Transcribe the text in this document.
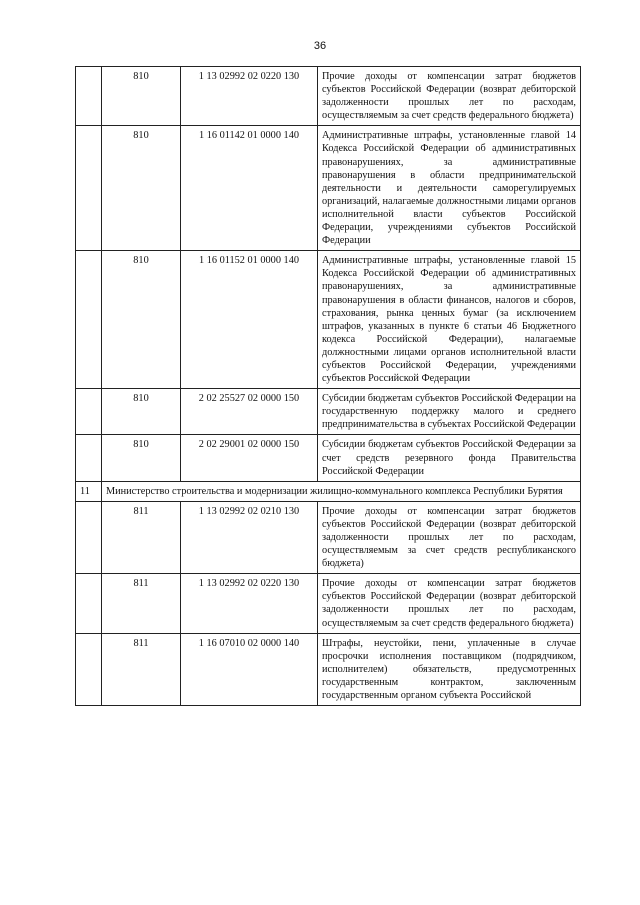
36
	810	1 13 02992 02 0220 130	Прочие доходы от компенсации затрат бюджетов субъектов Российской Федерации (возврат дебиторской задолженности прошлых лет по расходам, осуществляемым за счет средств федерального бюджета)
	810	1 16 01142 01 0000 140	Административные штрафы, установленные главой 14 Кодекса Российской Федерации об административных правонарушениях, за административные правонарушения в области предпринимательской деятельности и деятельности саморегулируемых организаций, налагаемые должностными лицами органов исполнительной власти субъектов Российской Федерации, учреждениями субъектов Российской Федерации
	810	1 16 01152 01 0000 140	Административные штрафы, установленные главой 15 Кодекса Российской Федерации об административных правонарушениях, за административные правонарушения в области финансов, налогов и сборов, страхования, рынка ценных бумаг (за исключением штрафов, указанных в пункте 6 статьи 46 Бюджетного кодекса Российской Федерации), налагаемые должностными лицами органов исполнительной власти субъектов Российской Федерации, учреждениями субъектов Российской Федерации
	810	2 02 25527 02 0000 150	Субсидии бюджетам субъектов Российской Федерации на государственную поддержку малого и среднего предпринимательства в субъектах Российской Федерации
	810	2 02 29001 02 0000 150	Субсидии бюджетам субъектов Российской Федерации за счет средств резервного фонда Правительства Российской Федерации
11	Министерство строительства и модернизации жилищно-коммунального комплекса Республики Бурятия		
	811	1 13 02992 02 0210 130	Прочие доходы от компенсации затрат бюджетов субъектов Российской Федерации (возврат дебиторской задолженности прошлых лет по расходам, осуществляемым за счет средств республиканского бюджета)
	811	1 13 02992 02 0220 130	Прочие доходы от компенсации затрат бюджетов субъектов Российской Федерации (возврат дебиторской задолженности прошлых лет по расходам, осуществляемым за счет средств федерального бюджета)
	811	1 16 07010 02 0000 140	Штрафы, неустойки, пени, уплаченные в случае просрочки исполнения поставщиком (подрядчиком, исполнителем) обязательств, предусмотренных государственным контрактом, заключенным государственным органом субъекта Российской
